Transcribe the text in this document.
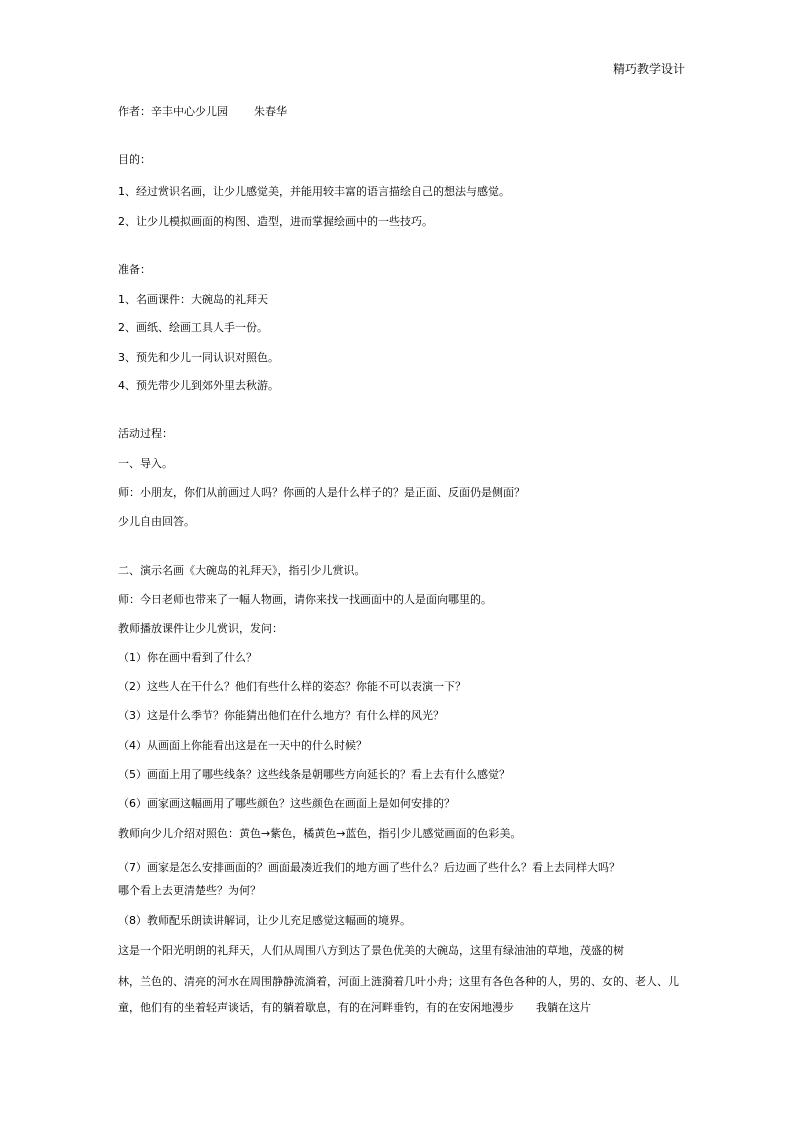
精巧教学设计
作者：辛丰中心少儿园 朱春华
目的：
1、经过赏识名画，让少儿感觉美，并能用较丰富的语言描绘自己的想法与感觉。
2、让少儿模拟画面的构图、造型，进而掌握绘画中的一些技巧。
准备：
1、名画课件：大碗岛的礼拜天
2、画纸、绘画工具人手一份。
3、预先和少儿一同认识对照色。
4、预先带少儿到郊外里去秋游。
活动过程：
一、导入。
师：小朋友，你们从前画过人吗？你画的人是什么样子的？是正面、反面仍是侧面？
少儿自由回答。
二、演示名画《大碗岛的礼拜天》，指引少儿赏识。
师：今日老师也带来了一幅人物画，请你来找一找画面中的人是面向哪里的。
教师播放课件让少儿赏识，发问：
（1）你在画中看到了什么？
（2）这些人在干什么？他们有些什么样的姿态？你能不可以表演一下？
（3）这是什么季节？你能猜出他们在什么地方？有什么样的风光？
（4）从画面上你能看出这是在一天中的什么时候？
（5）画面上用了哪些线条？这些线条是朝哪些方向延长的？看上去有什么感觉？
（6）画家画这幅画用了哪些颜色？这些颜色在画面上是如何安排的？
教师向少儿介绍对照色：黄色→紫色，橘黄色→蓝色，指引少儿感觉画面的色彩美。
（7）画家是怎么安排画面的？画面最凑近我们的地方画了些什么？后边画了些什么？看上去同样大吗？
哪个看上去更清楚些？为何？
（8）教师配乐朗读讲解词，让少儿充足感觉这幅画的境界。
这是一个阳光明朗的礼拜天，人们从周围八方到达了景色优美的大碗岛，这里有绿油油的草地，茂盛的树
林，兰色的、清亮的河水在周围静静流淌着，河面上涟漪着几叶小舟；这里有各色各种的人，男的、女的、老人、儿
童，他们有的坐着轻声谈话，有的躺着歇息，有的在河畔垂钓，有的在安闲地漫步　　我躺在这片
